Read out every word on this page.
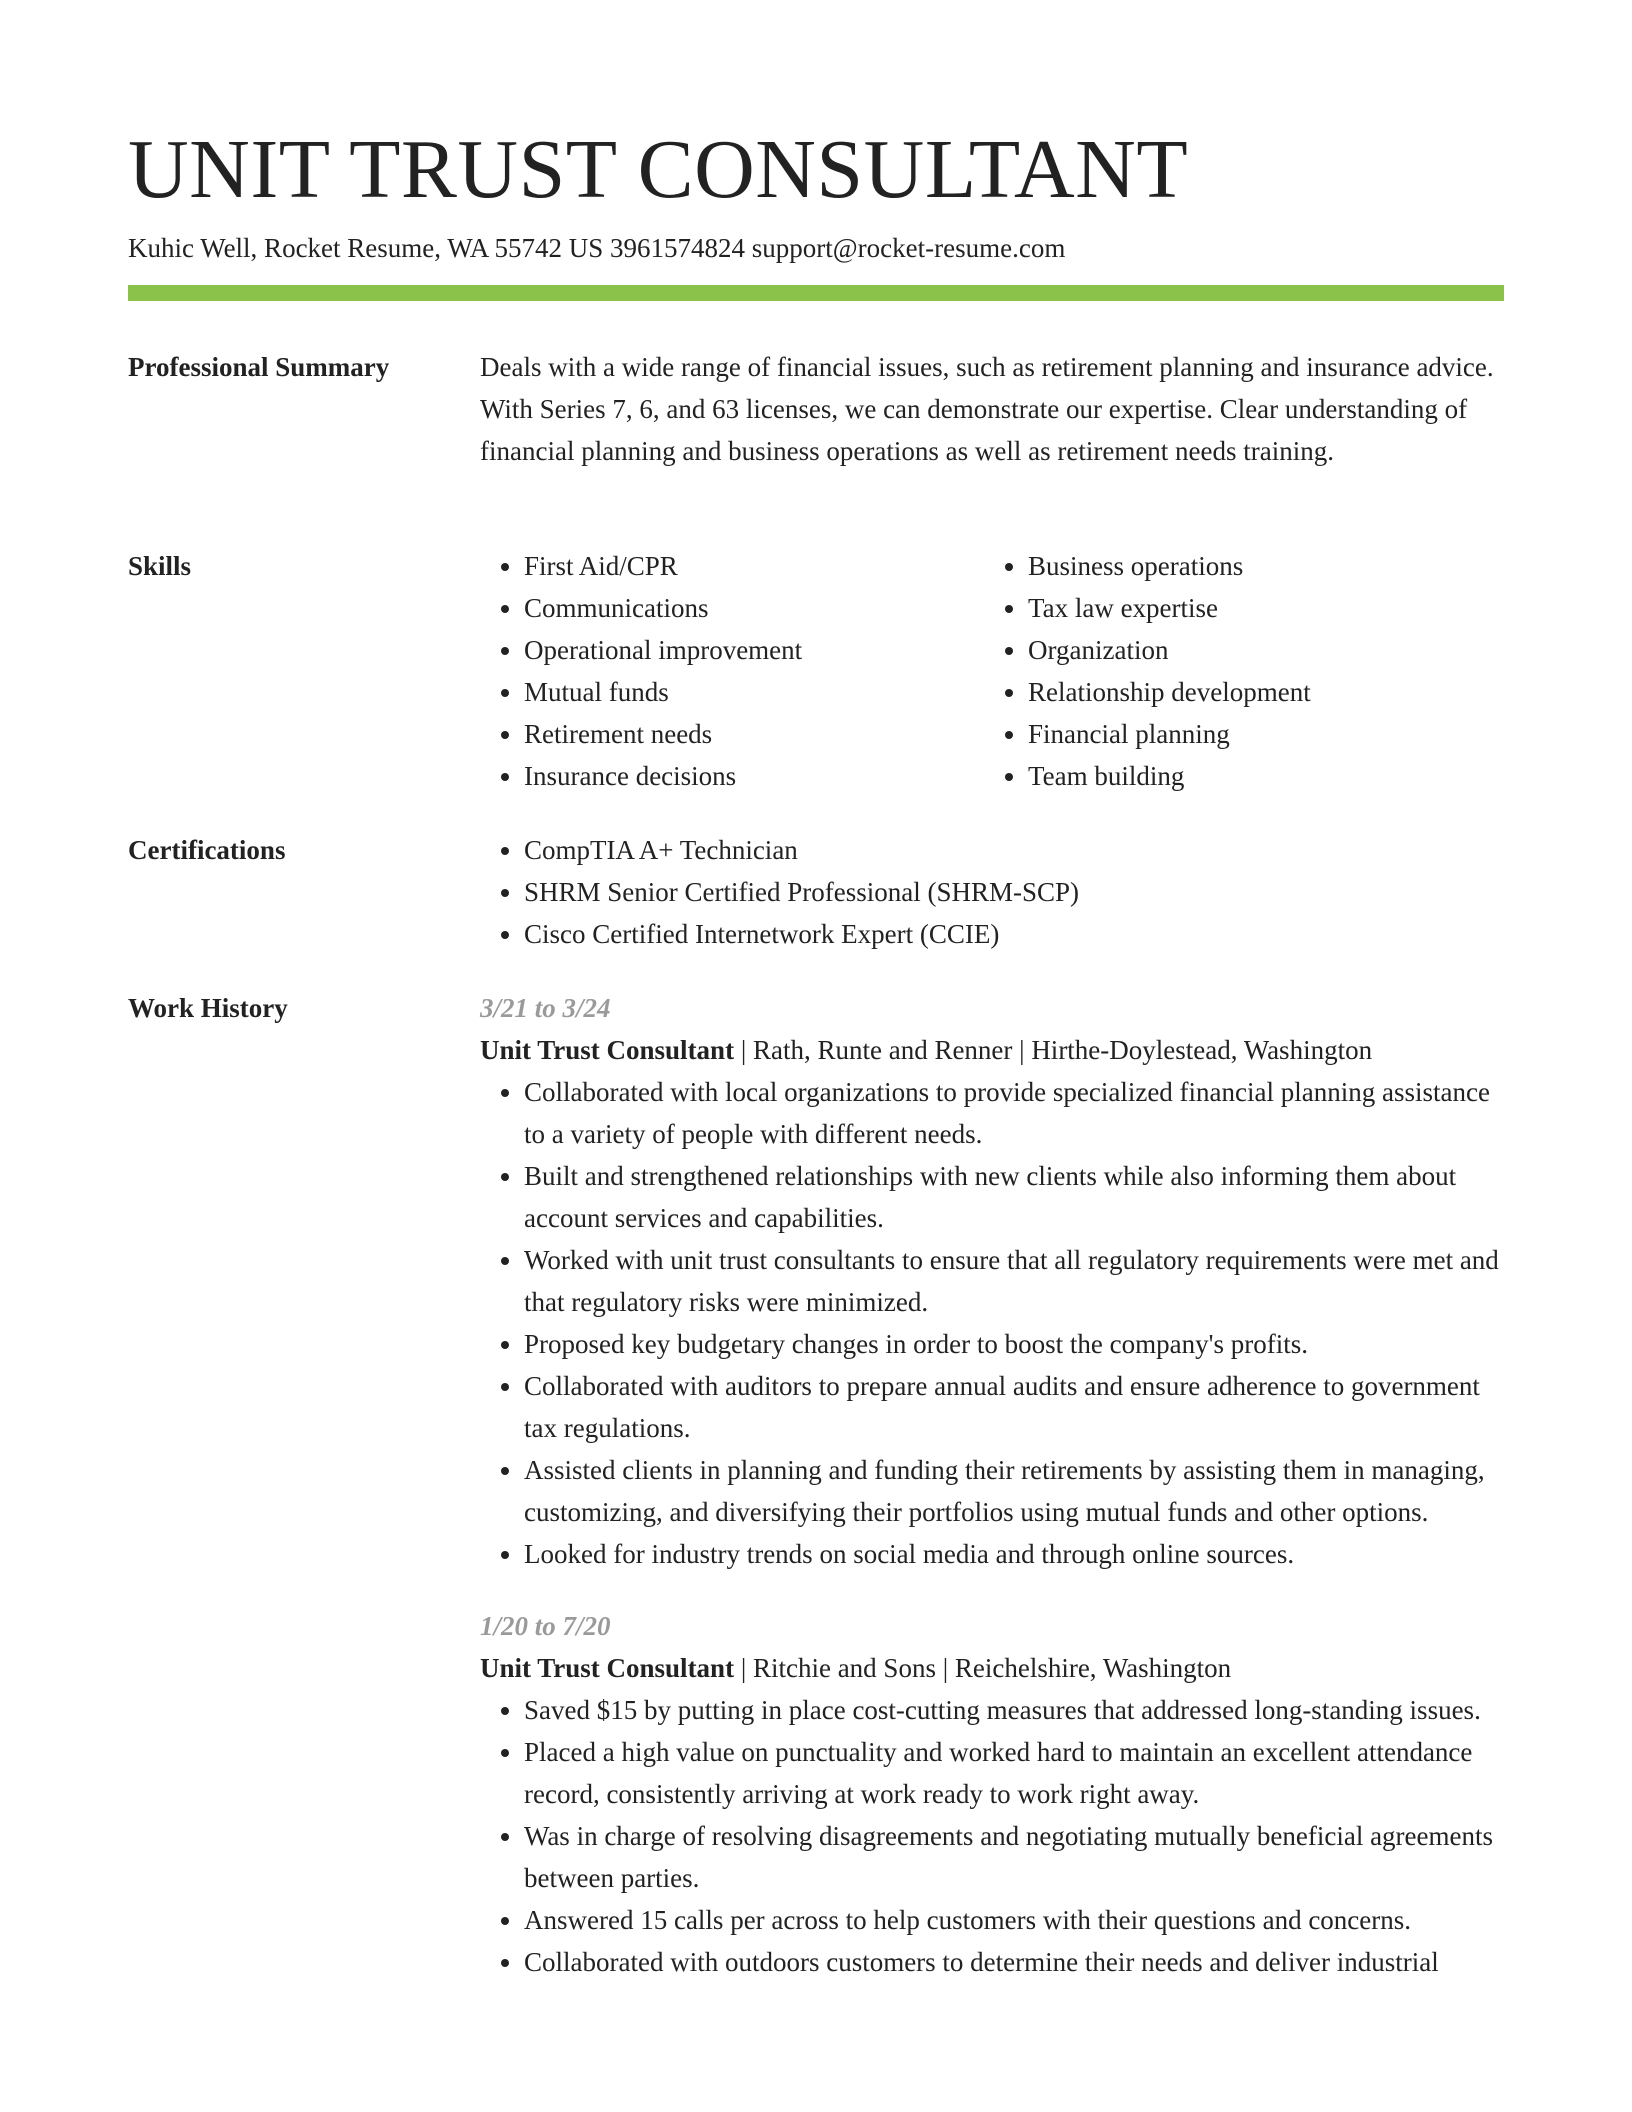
UNIT TRUST CONSULTANT
Kuhic Well, Rocket Resume, WA 55742 US 3961574824 support@rocket-resume.com
Professional Summary	Deals with a wide range of financial issues, such as retirement planning and insurance advice. With Series 7, 6, and 63 licenses, we can demonstrate our expertise. Clear understanding of financial planning and business operations as well as retirement needs training.

Skills	• First Aid/CPR
• Communications
• Operational improvement
• Mutual funds
• Retirement needs
• Insurance decisions
• Business operations
• Tax law expertise
• Organization
• Relationship development
• Financial planning
• Team building
Certifications	• CompTIA A+ Technician
• SHRM Senior Certified Professional (SHRM-SCP)
• Cisco Certified Internetwork Expert (CCIE)
Work History	3/21 to 3/24

Unit Trust Consultant | Rath, Runte and Renner | Hirthe-Doylestead, Washington

• Collaborated with local organizations to provide specialized financial planning assistance to a variety of people with different needs.
• Built and strengthened relationships with new clients while also informing them about account services and capabilities.
• Worked with unit trust consultants to ensure that all regulatory requirements were met and that regulatory risks were minimized.
• Proposed key budgetary changes in order to boost the company's profits.
• Collaborated with auditors to prepare annual audits and ensure adherence to government tax regulations.
• Assisted clients in planning and funding their retirements by assisting them in managing, customizing, and diversifying their portfolios using mutual funds and other options.
• Looked for industry trends on social media and through online sources.

1/20 to 7/20

Unit Trust Consultant | Ritchie and Sons | Reichelshire, Washington

• Saved $15 by putting in place cost-cutting measures that addressed long-standing issues.
• Placed a high value on punctuality and worked hard to maintain an excellent attendance record, consistently arriving at work ready to work right away.
• Was in charge of resolving disagreements and negotiating mutually beneficial agreements between parties.
• Answered 15 calls per across to help customers with their questions and concerns.
• Collaborated with outdoors customers to determine their needs and deliver industrial
